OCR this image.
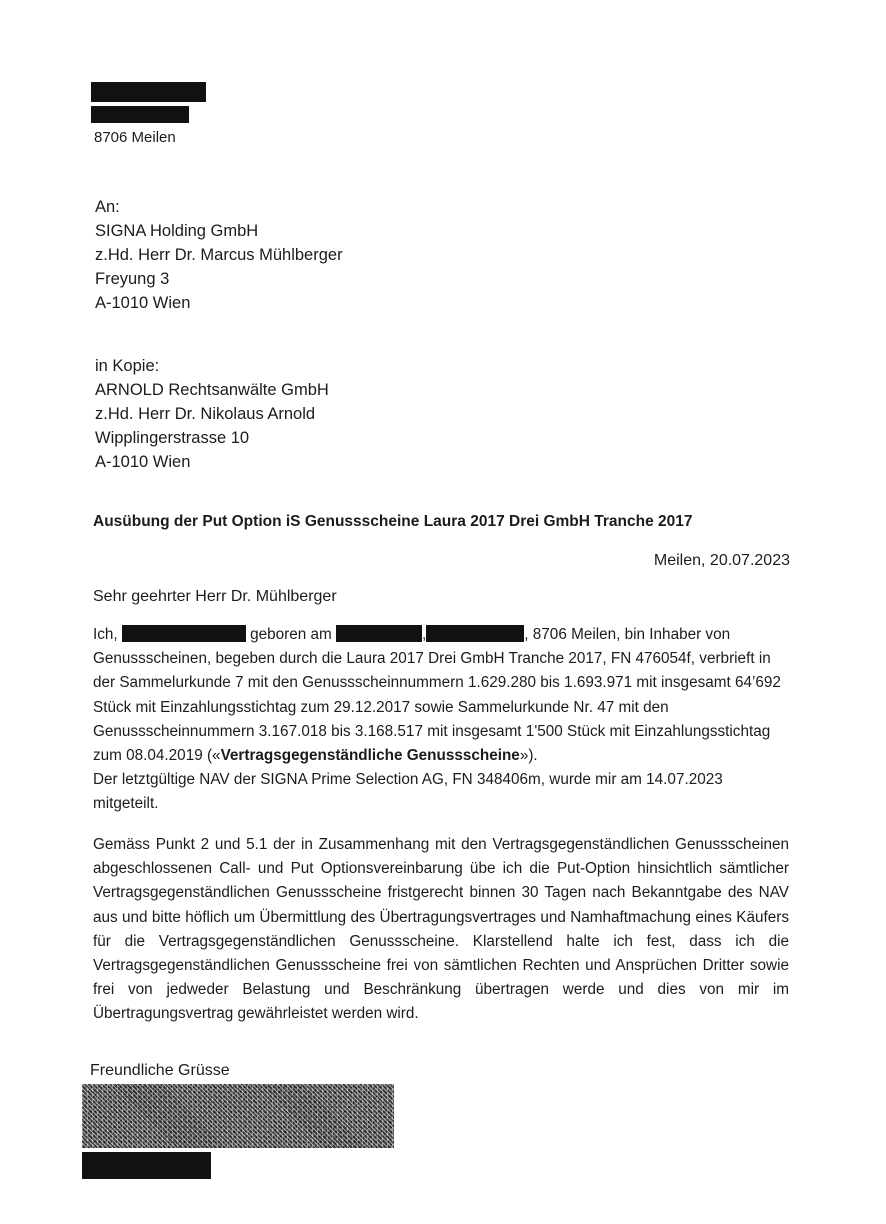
8706 Meilen
An:
SIGNA Holding GmbH
z.Hd. Herr Dr. Marcus Mühlberger
Freyung 3
A-1010 Wien
in Kopie:
ARNOLD Rechtsanwälte GmbH
z.Hd. Herr Dr. Nikolaus Arnold
Wipplingerstrasse 10
A-1010 Wien
Ausübung der Put Option iS Genussscheine Laura 2017 Drei GmbH Tranche 2017
Meilen, 20.07.2023
Sehr geehrter Herr Dr. Mühlberger
Ich,	geboren am	,	, 8706 Meilen, bin Inhaber von
Genussscheinen, begeben durch die Laura 2017 Drei GmbH Tranche 2017, FN 476054f, verbrieft in der Sammelurkunde 7 mit den Genussscheinnummern 1.629.280 bis 1.693.971 mit insgesamt 64’692 Stück mit Einzahlungsstichtag zum 29.12.2017 sowie Sammelurkunde Nr. 47 mit den Genussscheinnummern 3.167.018 bis 3.168.517 mit insgesamt 1'500 Stück mit Einzahlungsstichtag zum 08.04.2019 («Vertragsgegenständliche Genussscheine»).
Der letztgültige NAV der SIGNA Prime Selection AG, FN 348406m, wurde mir am 14.07.2023 mitgeteilt.
Gemäss Punkt 2 und 5.1 der in Zusammenhang mit den Vertragsgegenständlichen Genussscheinen abgeschlossenen Call- und Put Optionsvereinbarung übe ich die Put-Option hinsichtlich sämtlicher Vertragsgegenständlichen Genussscheine fristgerecht binnen 30 Tagen nach Bekanntgabe des NAV aus und bitte höflich um Übermittlung des Übertragungsvertrages und Namhaftmachung eines Käufers für die Vertragsgegenständlichen Genussscheine. Klarstellend halte ich fest, dass ich die Vertragsgegenständlichen Genussscheine frei von sämtlichen Rechten und Ansprüchen Dritter sowie frei von jedweder Belastung und Beschränkung übertragen werde und dies von mir im Übertragungsvertrag gewährleistet werden wird.
Freundliche Grüsse
